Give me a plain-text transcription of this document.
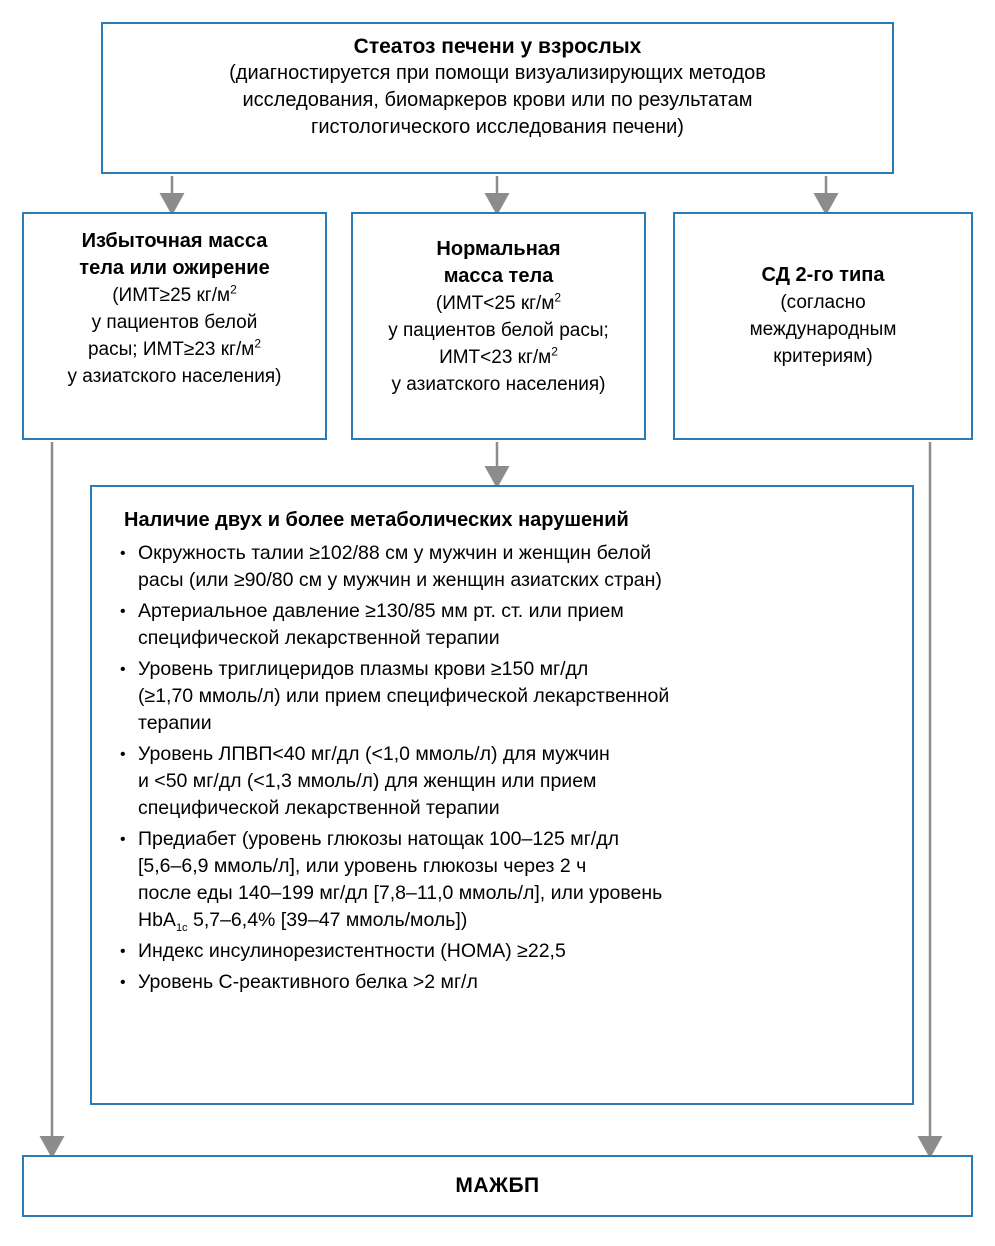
Стеатоз печени у взрослых
(диагностируется при помощи визуализирующих методов
исследования, биомаркеров крови или по результатам
гистологического исследования печени)
Избыточная масса
тела или ожирение
(ИМТ≥25 $кг/м^2$
у пациентов белой
расы; ИМТ≥23 $кг/м^2$
у азиатского населения)
Нормальная
масса тела
(ИМТ<25 $кг/м^2$
у пациентов белой расы;
ИМТ<23 $кг/м^2$
у азиатского населения)
СД 2-го типа
(согласно
международным
критериям)
Наличие двух и более метаболических нарушений
• Окружность талии ≥102/88 см у мужчин и женщин белой
расы (или ≥90/80 см у мужчин и женщин азиатских стран)
• Артериальное давление ≥130/85 мм рт. ст. или прием
специфической лекарственной терапии
• Уровень триглицеридов плазмы крови ≥150 мг/дл
(≥1,70 ммоль/л) или прием специфической лекарственной
терапии
• Уровень ЛПВП<40 мг/дл (<1,0 ммоль/л) для мужчин
и <50 мг/дл (<1,3 ммоль/л) для женщин или прием
специфической лекарственной терапии
• Предиабет (уровень глюкозы натощак 100–125 мг/дл
[5,6–6,9 ммоль/л], или уровень глюкозы через 2 ч
после еды 140–199 мг/дл [7,8–11,0 ммоль/л], или уровень
HbA$_{1c}$ 5,7–6,4% [39–47 ммоль/моль])
• Индекс инсулинорезистентности (HOMA) ≥22,5
• Уровень С-реактивного белка >2 мг/л
МАЖБП
